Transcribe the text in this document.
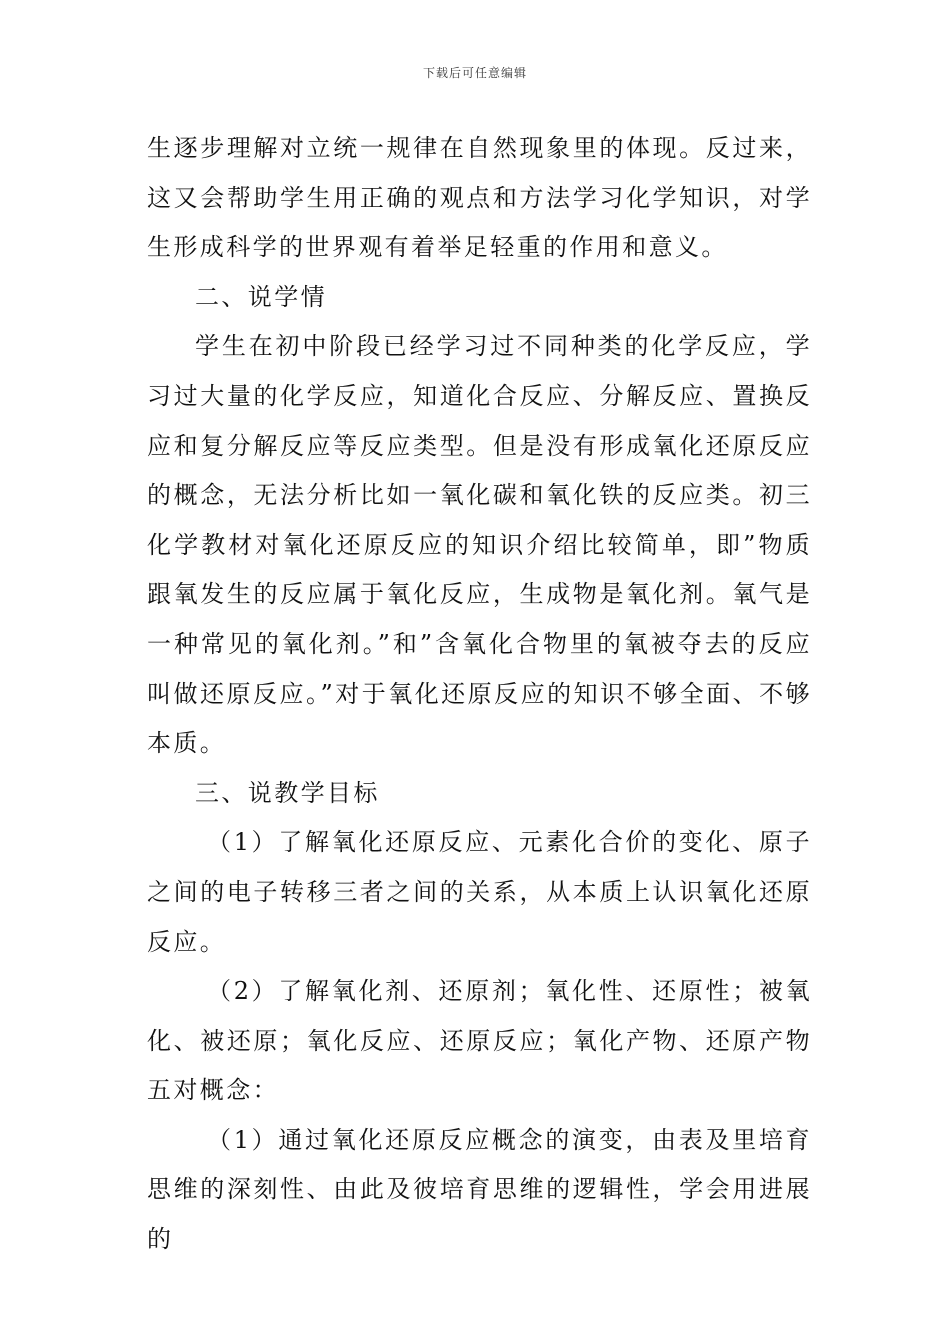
下载后可任意编辑

生逐步理解对立统一规律在自然现象里的体现。反过来，这又会帮助学生用正确的观点和方法学习化学知识，对学生形成科学的世界观有着举足轻重的作用和意义。

二、说学情

学生在初中阶段已经学习过不同种类的化学反应，学习过大量的化学反应，知道化合反应、分解反应、置换反应和复分解反应等反应类型。但是没有形成氧化还原反应的概念，无法分析比如一氧化碳和氧化铁的反应类。初三化学教材对氧化还原反应的知识介绍比较简单，即”物质跟氧发生的反应属于氧化反应，生成物是氧化剂。氧气是一种常见的氧化剂。”和”含氧化合物里的氧被夺去的反应叫做还原反应。”对于氧化还原反应的知识不够全面、不够本质。

三、说教学目标

（1）了解氧化还原反应、元素化合价的变化、原子之间的电子转移三者之间的关系，从本质上认识氧化还原反应。

（2）了解氧化剂、还原剂；氧化性、还原性；被氧化、被还原；氧化反应、还原反应；氧化产物、还原产物五对概念：

（1）通过氧化还原反应概念的演变，由表及里培育思维的深刻性、由此及彼培育思维的逻辑性，学会用进展的
